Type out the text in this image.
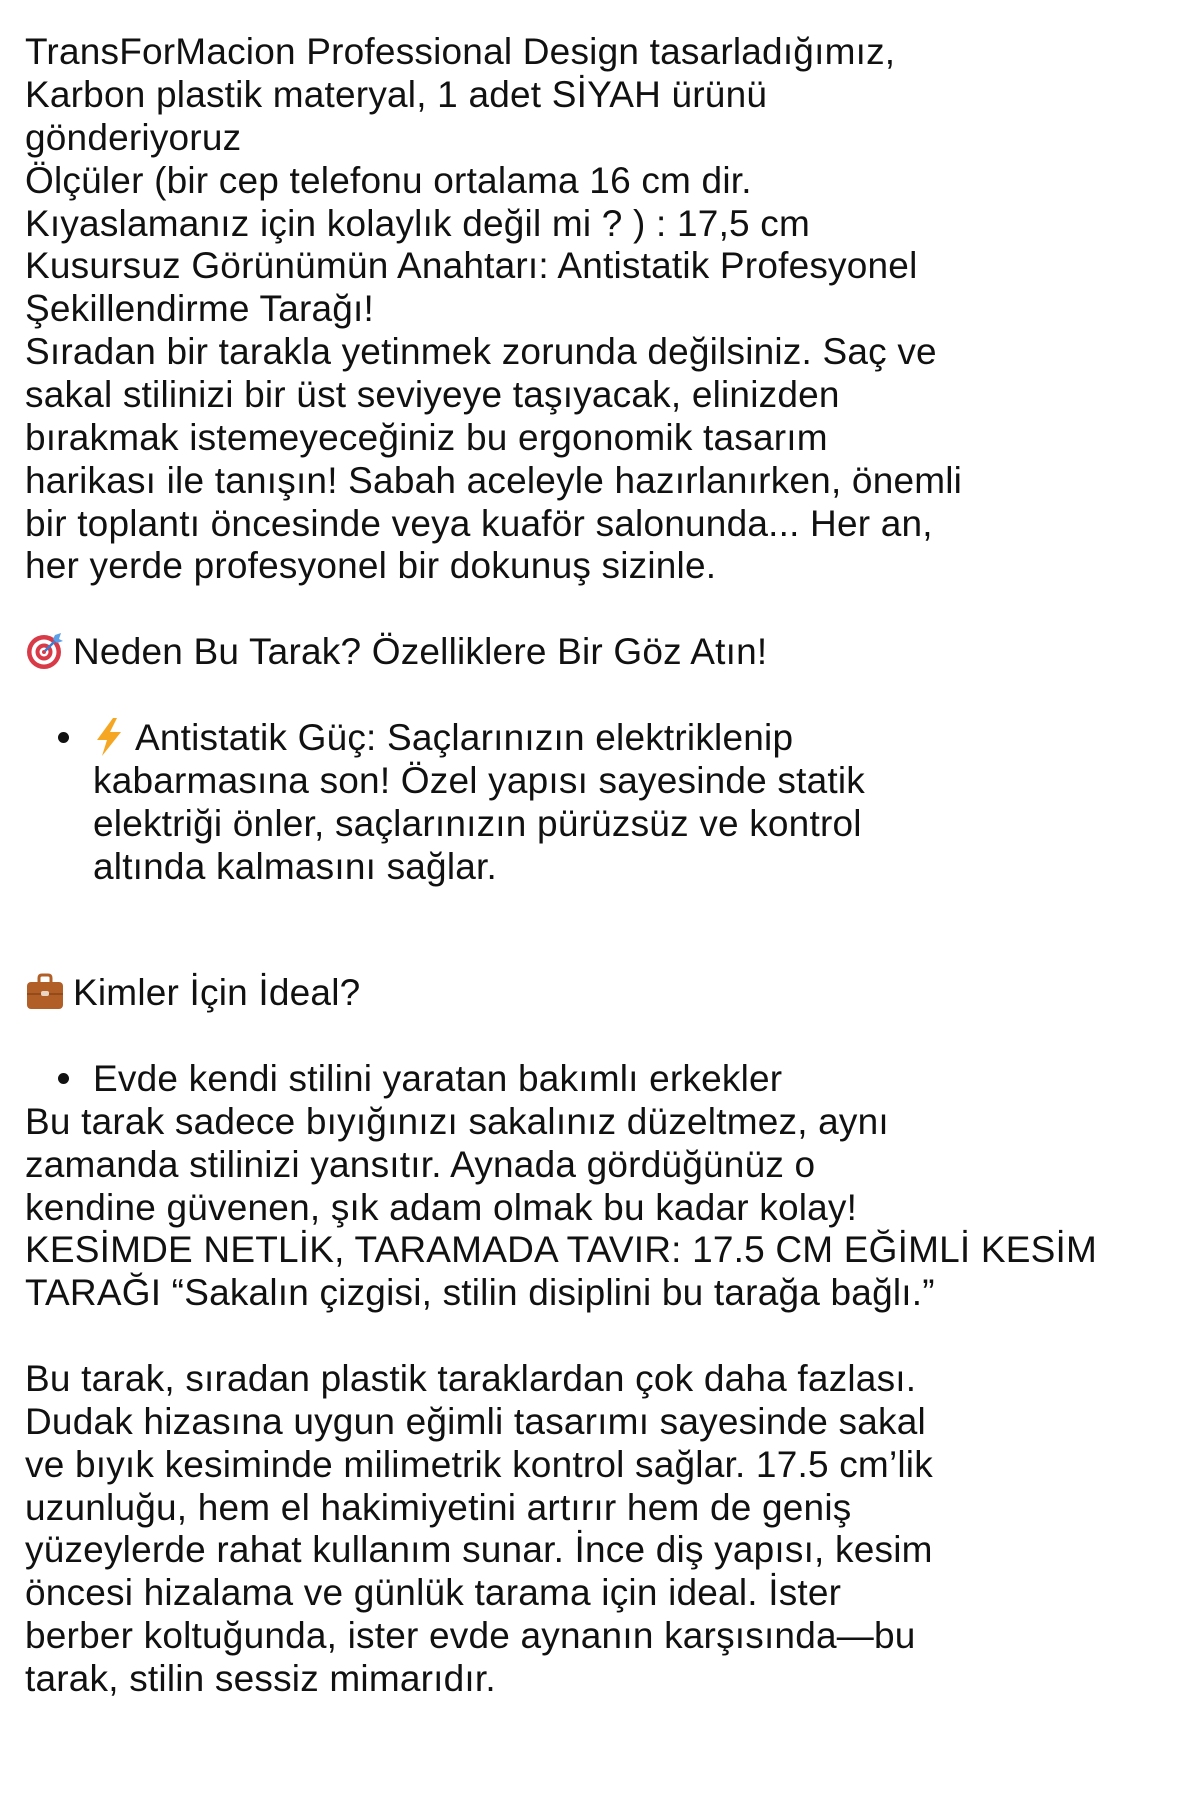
TransForMacion Professional Design tasarladığımız,
Karbon plastik materyal, 1 adet SİYAH ürünü
gönderiyoruz
Ölçüler (bir cep telefonu ortalama 16 cm dir.
Kıyaslamanız için kolaylık değil mi ? ) : 17,5 cm
Kusursuz Görünümün Anahtarı: Antistatik Profesyonel
Şekillendirme Tarağı!
Sıradan bir tarakla yetinmek zorunda değilsiniz. Saç ve
sakal stilinizi bir üst seviyeye taşıyacak, elinizden
bırakmak istemeyeceğiniz bu ergonomik tasarım
harikası ile tanışın! Sabah aceleyle hazırlanırken, önemli
bir toplantı öncesinde veya kuaför salonunda... Her an,
her yerde profesyonel bir dokunuş sizinle.
Neden Bu Tarak? Özelliklere Bir Göz Atın!
Antistatik Güç: Saçlarınızın elektriklenip
kabarmasına son! Özel yapısı sayesinde statik
elektriği önler, saçlarınızın pürüzsüz ve kontrol
altında kalmasını sağlar.
Kimler İçin İdeal?
Evde kendi stilini yaratan bakımlı erkekler
Bu tarak sadece bıyığınızı sakalınız düzeltmez, aynı
zamanda stilinizi yansıtır. Aynada gördüğünüz o
kendine güvenen, şık adam olmak bu kadar kolay!
KESİMDE NETLİK, TARAMADA TAVIR: 17.5 CM EĞİMLİ KESİM
TARAĞI “Sakalın çizgisi, stilin disiplini bu tarağa bağlı.”
Bu tarak, sıradan plastik taraklardan çok daha fazlası.
Dudak hizasına uygun eğimli tasarımı sayesinde sakal
ve bıyık kesiminde milimetrik kontrol sağlar. 17.5 cm’lik
uzunluğu, hem el hakimiyetini artırır hem de geniş
yüzeylerde rahat kullanım sunar. İnce diş yapısı, kesim
öncesi hizalama ve günlük tarama için ideal. İster
berber koltuğunda, ister evde aynanın karşısında—bu
tarak, stilin sessiz mimarıdır.
